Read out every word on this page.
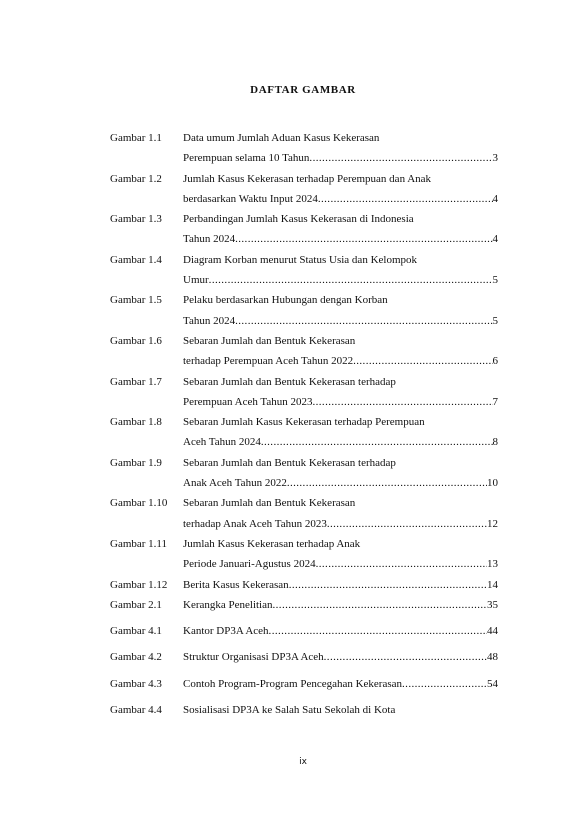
DAFTAR GAMBAR
Gambar 1.1 Data umum Jumlah Aduan Kasus Kekerasan
Perempuan selama 10 Tahun .....	3
Gambar 1.2 Jumlah Kasus Kekerasan terhadap Perempuan dan Anak
berdasarkan Waktu Input 2024 .....	4
Gambar 1.3 Perbandingan Jumlah Kasus Kekerasan di Indonesia
Tahun 2024 .....	4
Gambar 1.4 Diagram Korban menurut Status Usia dan Kelompok
Umur .....	5
Gambar 1.5 Pelaku berdasarkan Hubungan dengan Korban
Tahun 2024 .....	5
Gambar 1.6 Sebaran Jumlah dan Bentuk Kekerasan
terhadap Perempuan Aceh Tahun 2022 .....	6
Gambar 1.7 Sebaran Jumlah dan Bentuk Kekerasan terhadap
Perempuan Aceh Tahun 2023 .....	7
Gambar 1.8 Sebaran Jumlah Kasus Kekerasan terhadap Perempuan
Aceh Tahun 2024 .....	8
Gambar 1.9 Sebaran Jumlah dan Bentuk Kekerasan terhadap
Anak Aceh Tahun 2022 .....	10
Gambar 1.10 Sebaran Jumlah dan Bentuk Kekerasan
terhadap Anak Aceh Tahun 2023 .....	12
Gambar 1.11 Jumlah Kasus Kekerasan terhadap Anak
Periode Januari-Agustus 2024 .....	13
Gambar 1.12 Berita Kasus Kekerasan .....	14
Gambar 2.1 Kerangka Penelitian .....	35
Gambar 4.1 Kantor DP3A Aceh .....	44
Gambar 4.2 Struktur Organisasi DP3A Aceh .....	48
Gambar 4.3 Contoh Program-Program Pencegahan Kekerasan .....	54
Gambar 4.4 Sosialisasi DP3A ke Salah Satu Sekolah di Kota
ix
